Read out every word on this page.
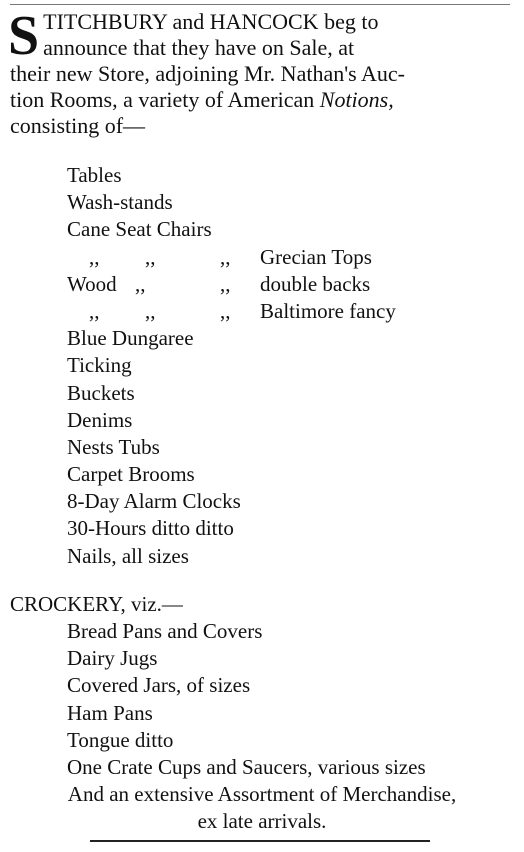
S TITCHBURY and HANCOCK beg to
announce that they have on Sale, at
their new Store, adjoining Mr. Nathan's Auc-
tion Rooms, a variety of American Notions,
consisting of—
Tables
Wash-stands
Cane Seat Chairs
,, ,,	,, Grecian Tops
Wood ,,	,, double backs
,, ,,	,, Baltimore fancy
Blue Dungaree
Ticking
Buckets
Denims
Nests Tubs
Carpet Brooms
8-Day Alarm Clocks
30-Hours ditto ditto
Nails, all sizes
CROCKERY, viz.—
Bread Pans and Covers
Dairy Jugs
Covered Jars, of sizes
Ham Pans
Tongue ditto
One Crate Cups and Saucers, various sizes
And an extensive Assortment of Merchandise,
ex late arrivals.
